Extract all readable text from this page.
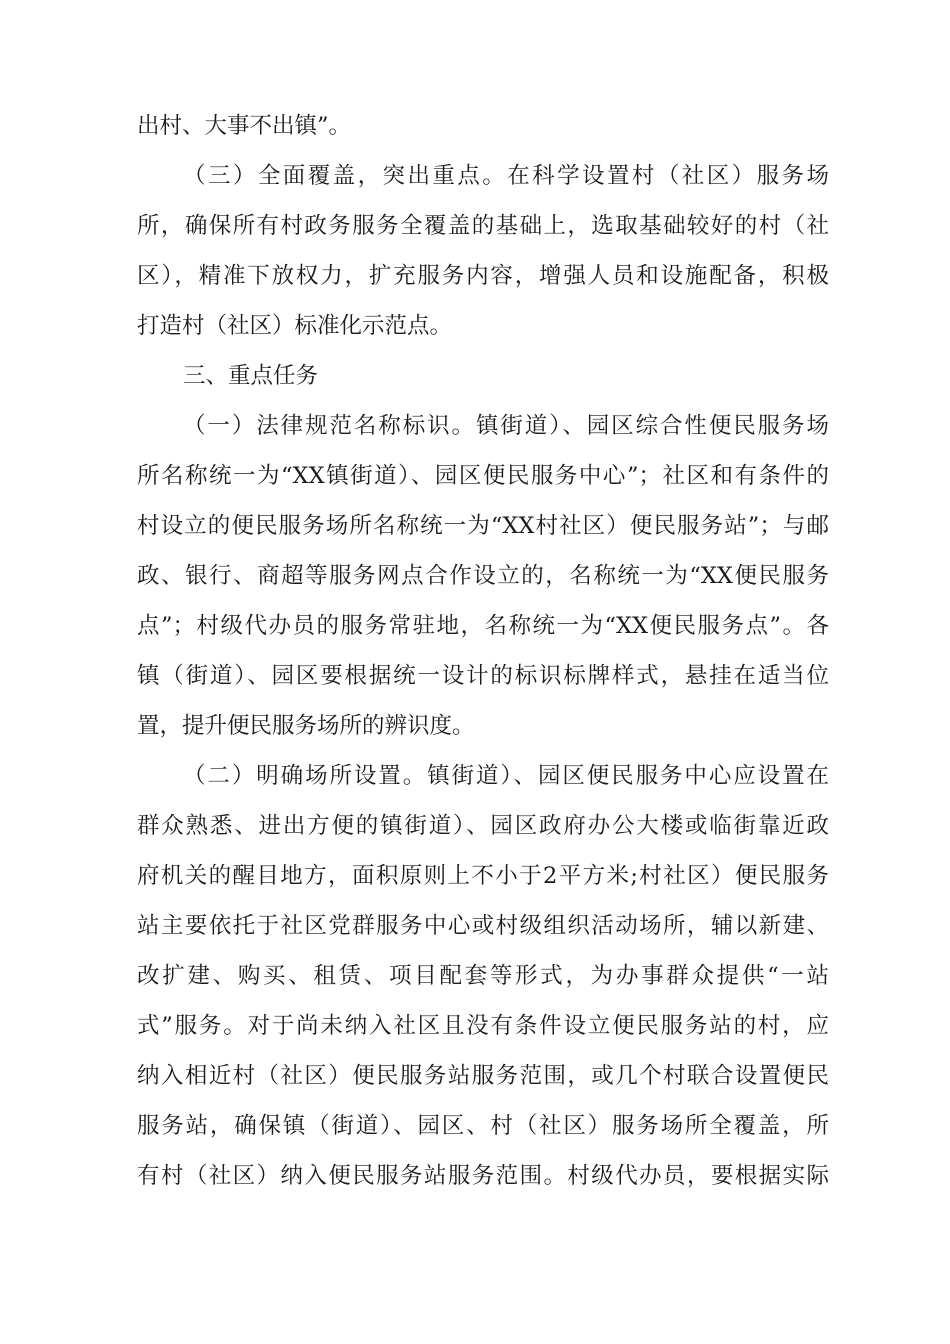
出村、大事不出镇”。
（三）全面覆盖，突出重点。在科学设置村（社区）服务场
所，确保所有村政务服务全覆盖的基础上，选取基础较好的村（社
区），精准下放权力，扩充服务内容，增强人员和设施配备，积极
打造村（社区）标准化示范点。
三、重点任务
（一）法律规范名称标识。镇街道）、园区综合性便民服务场
所名称统一为“XX镇街道）、园区便民服务中心”；社区和有条件的
村设立的便民服务场所名称统一为“XX村社区）便民服务站”；与邮
政、银行、商超等服务网点合作设立的，名称统一为“XX便民服务
点”；村级代办员的服务常驻地，名称统一为“XX便民服务点”。各
镇（街道）、园区要根据统一设计的标识标牌样式，悬挂在适当位
置，提升便民服务场所的辨识度。
（二）明确场所设置。镇街道）、园区便民服务中心应设置在
群众熟悉、进出方便的镇街道）、园区政府办公大楼或临街靠近政
府机关的醒目地方，面积原则上不小于2平方米;村社区）便民服务
站主要依托于社区党群服务中心或村级组织活动场所，辅以新建、
改扩建、购买、租赁、项目配套等形式，为办事群众提供“一站
式”服务。对于尚未纳入社区且没有条件设立便民服务站的村，应
纳入相近村（社区）便民服务站服务范围，或几个村联合设置便民
服务站，确保镇（街道）、园区、村（社区）服务场所全覆盖，所
有村（社区）纳入便民服务站服务范围。村级代办员，要根据实际
